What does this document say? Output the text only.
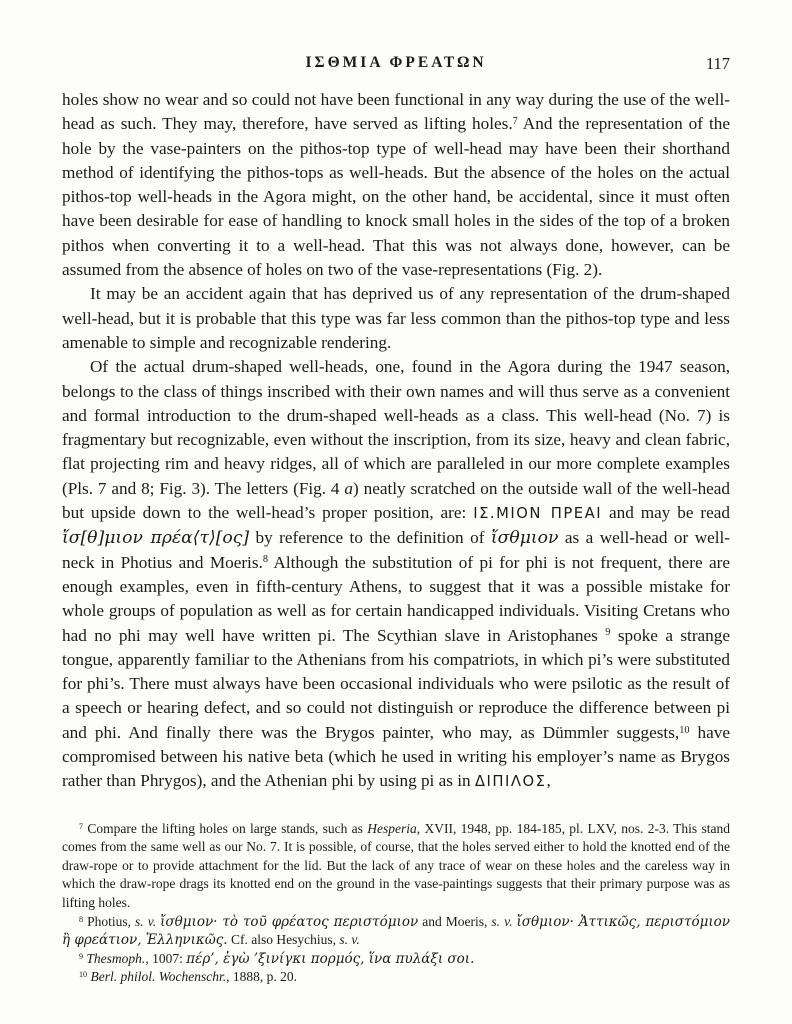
ΙΣΘΜΙΑ ΦΡΕΑΤΩΝ	117

holes show no wear and so could not have been functional in any way during the use of the well-head as such. They may, therefore, have served as lifting holes.$^7$ And the representation of the hole by the vase-painters on the pithos-top type of well-head may have been their shorthand method of identifying the pithos-tops as well-heads. But the absence of the holes on the actual pithos-top well-heads in the Agora might, on the other hand, be accidental, since it must often have been desirable for ease of handling to knock small holes in the sides of the top of a broken pithos when converting it to a well-head. That this was not always done, however, can be assumed from the absence of holes on two of the vase-representations (Fig. 2).

It may be an accident again that has deprived us of any representation of the drum-shaped well-head, but it is probable that this type was far less common than the pithos-top type and less amenable to simple and recognizable rendering.

Of the actual drum-shaped well-heads, one, found in the Agora during the 1947 season, belongs to the class of things inscribed with their own names and will thus serve as a convenient and formal introduction to the drum-shaped well-heads as a class. This well-head (No. 7) is fragmentary but recognizable, even without the inscription, from its size, heavy and clean fabric, flat projecting rim and heavy ridges, all of which are paralleled in our more complete examples (Pls. 7 and 8; Fig. 3). The letters (Fig. 4 a) neatly scratched on the outside wall of the well-head but upside down to the well-head’s proper position, are: ΙΣ.ΜΙΟΝ ΠΡΕΑΙ and may be read ἴσ[θ]μιον πρέα⟨τ⟩[ος] by reference to the definition of ἴσθμιον as a well-head or well-neck in Photius and Moeris.$^8$ Although the substitution of pi for phi is not frequent, there are enough examples, even in fifth-century Athens, to suggest that it was a possible mistake for whole groups of population as well as for certain handicapped individuals. Visiting Cretans who had no phi may well have written pi. The Scythian slave in Aristophanes $^9$ spoke a strange tongue, apparently familiar to the Athenians from his compatriots, in which pi’s were substituted for phi’s. There must always have been occasional individuals who were psilotic as the result of a speech or hearing defect, and so could not distinguish or reproduce the difference between pi and phi. And finally there was the Brygos painter, who may, as Dümmler suggests,$^{10}$ have compromised between his native beta (which he used in writing his employer’s name as Brygos rather than Phrygos), and the Athenian phi by using pi as in ΔΙΠΙΛΟΣ,

$^7$ Compare the lifting holes on large stands, such as Hesperia, XVII, 1948, pp. 184-185, pl. LXV, nos. 2-3. This stand comes from the same well as our No. 7. It is possible, of course, that the holes served either to hold the knotted end of the draw-rope or to provide attachment for the lid. But the lack of any trace of wear on these holes and the careless way in which the draw-rope drags its knotted end on the ground in the vase-paintings suggests that their primary purpose was as lifting holes.

$^8$ Photius, s. v. ἴσθμιον· τὸ τοῦ φρέατος περιστόμιον and Moeris, s. v. ἴσθμιον· Ἀττικῶς, περιστόμιον ἢ φρεάτιον, Ἑλληνικῶς. Cf. also Hesychius, s. v.

$^9$ Thesmoph., 1007: πέρ’, ἐγὼ ’ξινίγκι πορμός, ἵνα πυλάξι σοι.

$^{10}$ Berl. philol. Wochenschr., 1888, p. 20.
